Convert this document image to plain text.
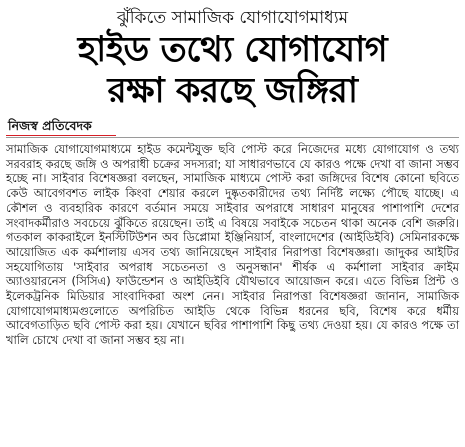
ঝুঁকিতে সামাজিক যোগাযোগমাধ্যম
হাইড তথ্যে যোগাযোগ
রক্ষা করছে জঙ্গিরা
নিজস্ব প্রতিবেদক
সামাজিক যোগাযোগমাধ্যমে হাইড কমেন্টযুক্ত ছবি পোস্ট করে নিজেদের মধ্যে যোগাযোগ ও তথ্য সরবরাহ করছে জঙ্গি ও অপরাধী চক্রের সদস্যরা; যা সাধারণভাবে যে কারও পক্ষে দেখা বা জানা সম্ভব হচ্ছে না। সাইবার বিশেষজ্ঞরা বলছেন, সামাজিক মাধ্যমে পোস্ট করা জঙ্গিদের বিশেষ কোনো ছবিতে কেউ আবেগবশত লাইক কিংবা শেয়ার করলে দুষ্কৃতকারীদের তথ্য নির্দিষ্ট লক্ষ্যে পৌছে যাচ্ছে। এ কৌশল ও ব্যবহারিক কারণে বর্তমান সময়ে সাইবার অপরাধে সাধারণ মানুষের পাশাপাশি দেশের সংবাদকর্মীরাও সবচেয়ে ঝুঁকিতে রয়েছেন। তাই এ বিষয়ে সবাইকে সচেতন থাকা অনেক বেশি জরুরি। গতকাল কাকরাইলে ইনস্টিটিউশন অব ডিপ্লোমা ইঞ্জিনিয়ার্স, বাংলাদেশের (আইডিইবি) সেমিনারকক্ষে আয়োজিত এক কর্মশালায় এসব তথ্য জানিয়েছেন সাইবার নিরাপত্তা বিশেষজ্ঞরা। জাদুকর আইটির সহযোগিতায় 'সাইবার অপরাধ সচেতনতা ও অনুসন্ধান' শীর্ষক এ কর্মশালা সাইবার ক্রাইম অ্যাওয়ারনেস (সিসিএ) ফাউন্ডেশন ও আইডিইবি যৌথভাবে আয়োজন করে। এতে বিভিন্ন প্রিন্ট ও ইলেকট্রনিক মিডিয়ার সাংবাদিকরা অংশ নেন। সাইবার নিরাপত্তা বিশেষজ্ঞরা জানান, সামাজিক যোগাযোগমাধ্যমগুলোতে অপরিচিত আইডি থেকে বিভিন্ন ধরনের ছবি, বিশেষ করে ধর্মীয় আবেগতাড়িত ছবি পোস্ট করা হয়। যেখানে ছবির পাশাপাশি কিছু তথ্য দেওয়া হয়। যে কারও পক্ষে তা খালি চোখে দেখা বা জানা সম্ভব হয় না।
